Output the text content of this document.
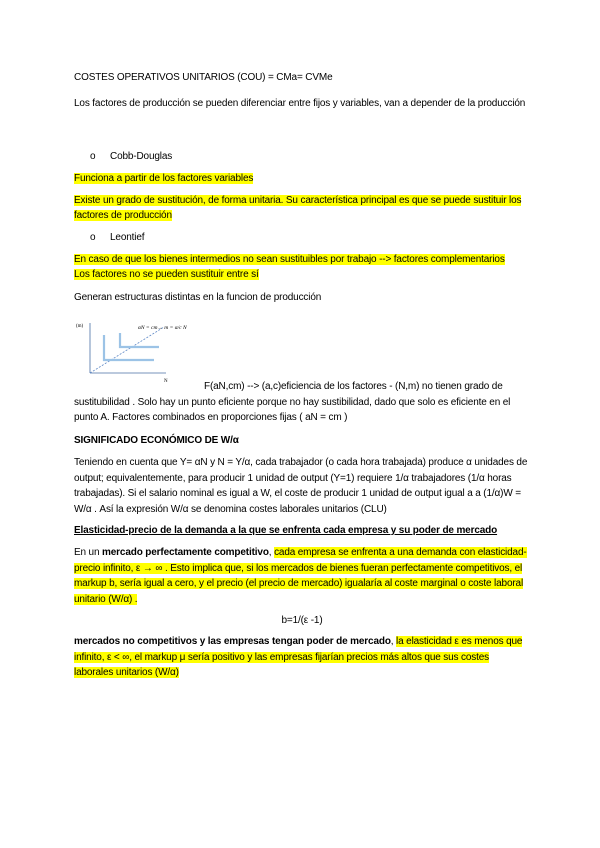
COSTES OPERATIVOS UNITARIOS (COU) = CMa= CVMe
Los factores de producción se pueden diferenciar entre fijos y variables, van a depender de la producción
o Cobb-Douglas
Funciona a partir de los factores variables
Existe un grado de sustitución, de forma unitaria. Su característica principal es que se puede sustituir los factores de producción
o Leontief
En caso de que los bienes intermedios no sean sustituibles por trabajo --> factores complementarios
Los factores no se pueden sustituir entre sí
Generan estructuras distintas en la funcion de producción
(m)	αN = cm→ m = α/c N
N	F(aN,cm) --> (a,c)eficiencia de los factores - (N,m) no tienen grado de sustitubilidad . Solo hay un punto eficiente porque no hay sustibilidad, dado que solo es eficiente en el punto A. Factores combinados en proporciones fijas ( aN = cm )
SIGNIFICADO ECONÓMICO DE W/α
Teniendo en cuenta que Y= αN y N = Y/α, cada trabajador (o cada hora trabajada) produce α unidades de output; equivalentemente, para producir 1 unidad de output (Y=1) requiere 1/α trabajadores (1/α horas trabajadas). Si el salario nominal es igual a W, el coste de producir 1 unidad de output igual a a (1/α)W = W/α . Así la expresión W/α se denomina costes laborales unitarios (CLU)
Elasticidad-precio de la demanda a la que se enfrenta cada empresa y su poder de mercado
En un mercado perfectamente competitivo, cada empresa se enfrenta a una demanda con elasticidad-precio infinito, ε → ∞ . Esto implica que, si los mercados de bienes fueran perfectamente competitivos, el markup b, sería igual a cero, y el precio (el precio de mercado) igualaría al coste marginal o coste laboral unitario (W/α) .
b=1/(ε -1)
mercados no competitivos y las empresas tengan poder de mercado, la elasticidad ε es menos que infinito, ε < ∞, el markup μ sería positivo y las empresas fijarían precios más altos que sus costes laborales unitarios (W/α)
